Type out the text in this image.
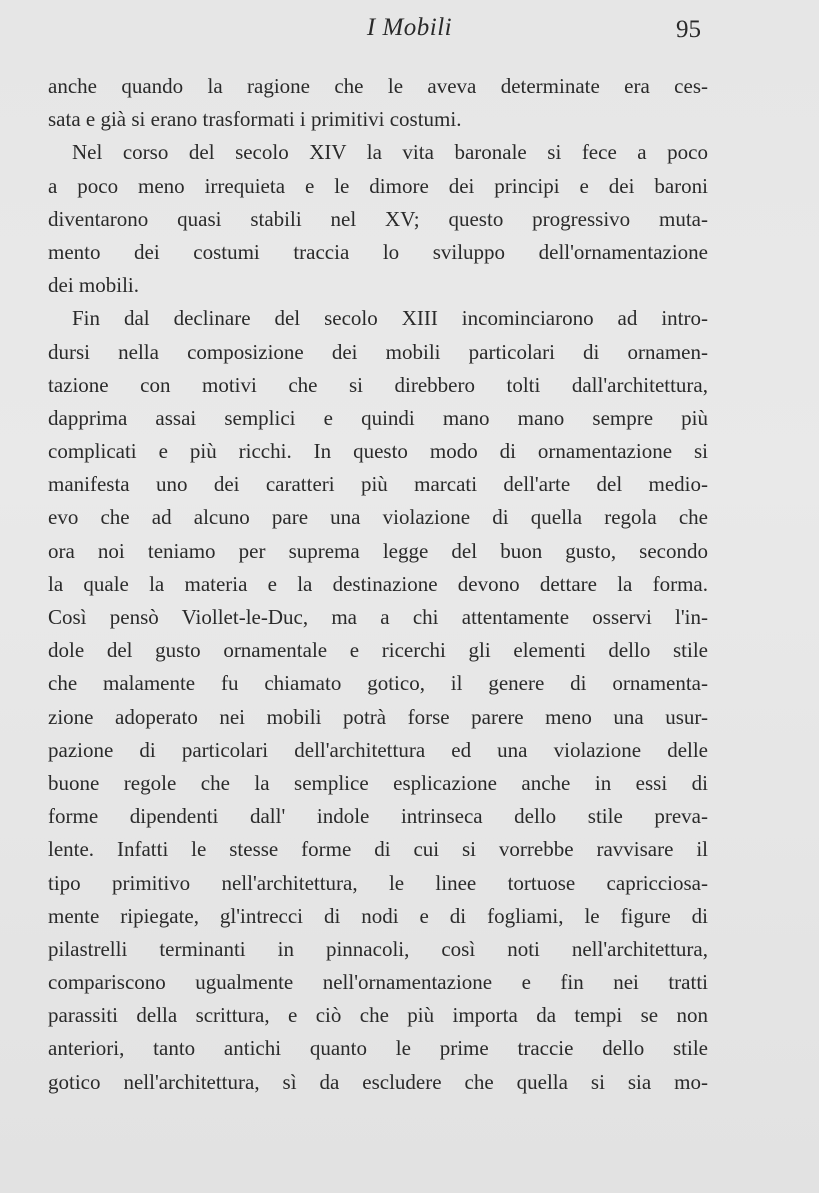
I Mobili	95
anche quando la ragione che le aveva determinate era ces-
sata e già si erano trasformati i primitivi costumi.
Nel corso del secolo XIV la vita baronale si fece a poco
a poco meno irrequieta e le dimore dei principi e dei baroni
diventarono quasi stabili nel XV; questo progressivo muta-
mento dei costumi traccia lo sviluppo dell'ornamentazione
dei mobili.
Fin dal declinare del secolo XIII incominciarono ad intro-
dursi nella composizione dei mobili particolari di ornamen-
tazione con motivi che si direbbero tolti dall'architettura,
dapprima assai semplici e quindi mano mano sempre più
complicati e più ricchi. In questo modo di ornamentazione si
manifesta uno dei caratteri più marcati dell'arte del medio-
evo che ad alcuno pare una violazione di quella regola che
ora noi teniamo per suprema legge del buon gusto, secondo
la quale la materia e la destinazione devono dettare la forma.
Così pensò Viollet-le-Duc, ma a chi attentamente osservi l'in-
dole del gusto ornamentale e ricerchi gli elementi dello stile
che malamente fu chiamato gotico, il genere di ornamenta-
zione adoperato nei mobili potrà forse parere meno una usur-
pazione di particolari dell'architettura ed una violazione delle
buone regole che la semplice esplicazione anche in essi di
forme dipendenti dall' indole intrinseca dello stile preva-
lente. Infatti le stesse forme di cui si vorrebbe ravvisare il
tipo primitivo nell'architettura, le linee tortuose capricciosa-
mente ripiegate, gl'intrecci di nodi e di fogliami, le figure di
pilastrelli terminanti in pinnacoli, così noti nell'architettura,
compariscono ugualmente nell'ornamentazione e fin nei tratti
parassiti della scrittura, e ciò che più importa da tempi se non
anteriori, tanto antichi quanto le prime traccie dello stile
gotico nell'architettura, sì da escludere che quella si sia mo-
